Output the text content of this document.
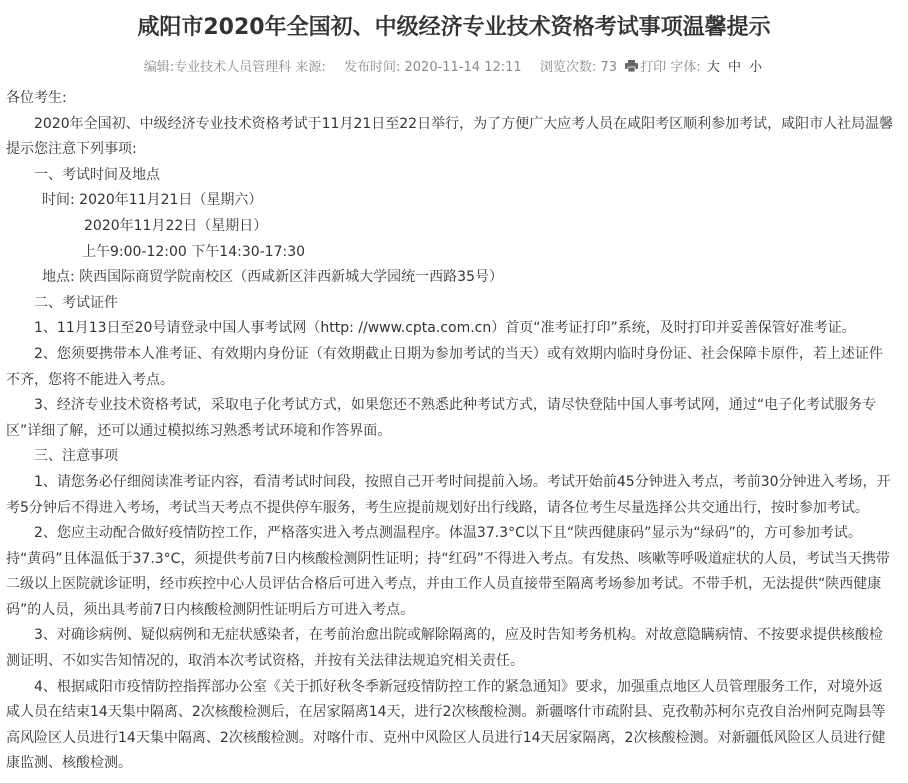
咸阳市2020年全国初、中级经济专业技术资格考试事项温馨提示
编辑:专业技术人员管理科 来源: 发布时间: 2020-11-14 12:11 浏览次数: 73 打印 字体: 大 中 小

各位考生:

2020年全国初、中级经济专业技术资格考试于11月21日至22日举行，为了方便广大应考人员在咸阳考区顺利参加考试，咸阳市人社局温馨提示您注意下列事项:

一、考试时间及地点

时间: 2020年11月21日（星期六）

2020年11月22日（星期日）

上午9:00-12:00 下午14:30-17:30

地点: 陕西国际商贸学院南校区（西咸新区沣西新城大学园统一西路35号）

二、考试证件

1、11月13日至20号请登录中国人事考试网（http: //www.cpta.com.cn）首页“准考证打印”系统，及时打印并妥善保管好准考证。

2、您须要携带本人准考证、有效期内身份证（有效期截止日期为参加考试的当天）或有效期内临时身份证、社会保障卡原件，若上述证件不齐，您将不能进入考点。

3、经济专业技术资格考试，采取电子化考试方式，如果您还不熟悉此种考试方式，请尽快登陆中国人事考试网，通过“电子化考试服务专区”详细了解，还可以通过模拟练习熟悉考试环境和作答界面。

三、注意事项

1、请您务必仔细阅读准考证内容，看清考试时间段，按照自己开考时间提前入场。考试开始前45分钟进入考点，考前30分钟进入考场，开考5分钟后不得进入考场，考试当天考点不提供停车服务，考生应提前规划好出行线路，请各位考生尽量选择公共交通出行，按时参加考试。

2、您应主动配合做好疫情防控工作，严格落实进入考点测温程序。体温37.3°C以下且“陕西健康码”显示为“绿码”的，方可参加考试。持“黄码”且体温低于37.3°C，须提供考前7日内核酸检测阴性证明；持“红码”不得进入考点。有发热、咳嗽等呼吸道症状的人员，考试当天携带二级以上医院就诊证明，经市疾控中心人员评估合格后可进入考点，并由工作人员直接带至隔离考场参加考试。不带手机，无法提供“陕西健康码”的人员，须出具考前7日内核酸检测阴性证明后方可进入考点。

3、对确诊病例、疑似病例和无症状感染者，在考前治愈出院或解除隔离的，应及时告知考务机构。对故意隐瞒病情、不按要求提供核酸检测证明、不如实告知情况的，取消本次考试资格，并按有关法律法规追究相关责任。

4、根据咸阳市疫情防控指挥部办公室《关于抓好秋冬季新冠疫情防控工作的紧急通知》要求，加强重点地区人员管理服务工作，对境外返咸人员在结束14天集中隔离、2次核酸检测后，在居家隔离14天，进行2次核酸检测。新疆喀什市疏附县、克孜勒苏柯尔克孜自治州阿克陶县等高风险区人员进行14天集中隔离、2次核酸检测。对喀什市、克州中风险区人员进行14天居家隔离，2次核酸检测。对新疆低风险区人员进行健康监测、核酸检测。
